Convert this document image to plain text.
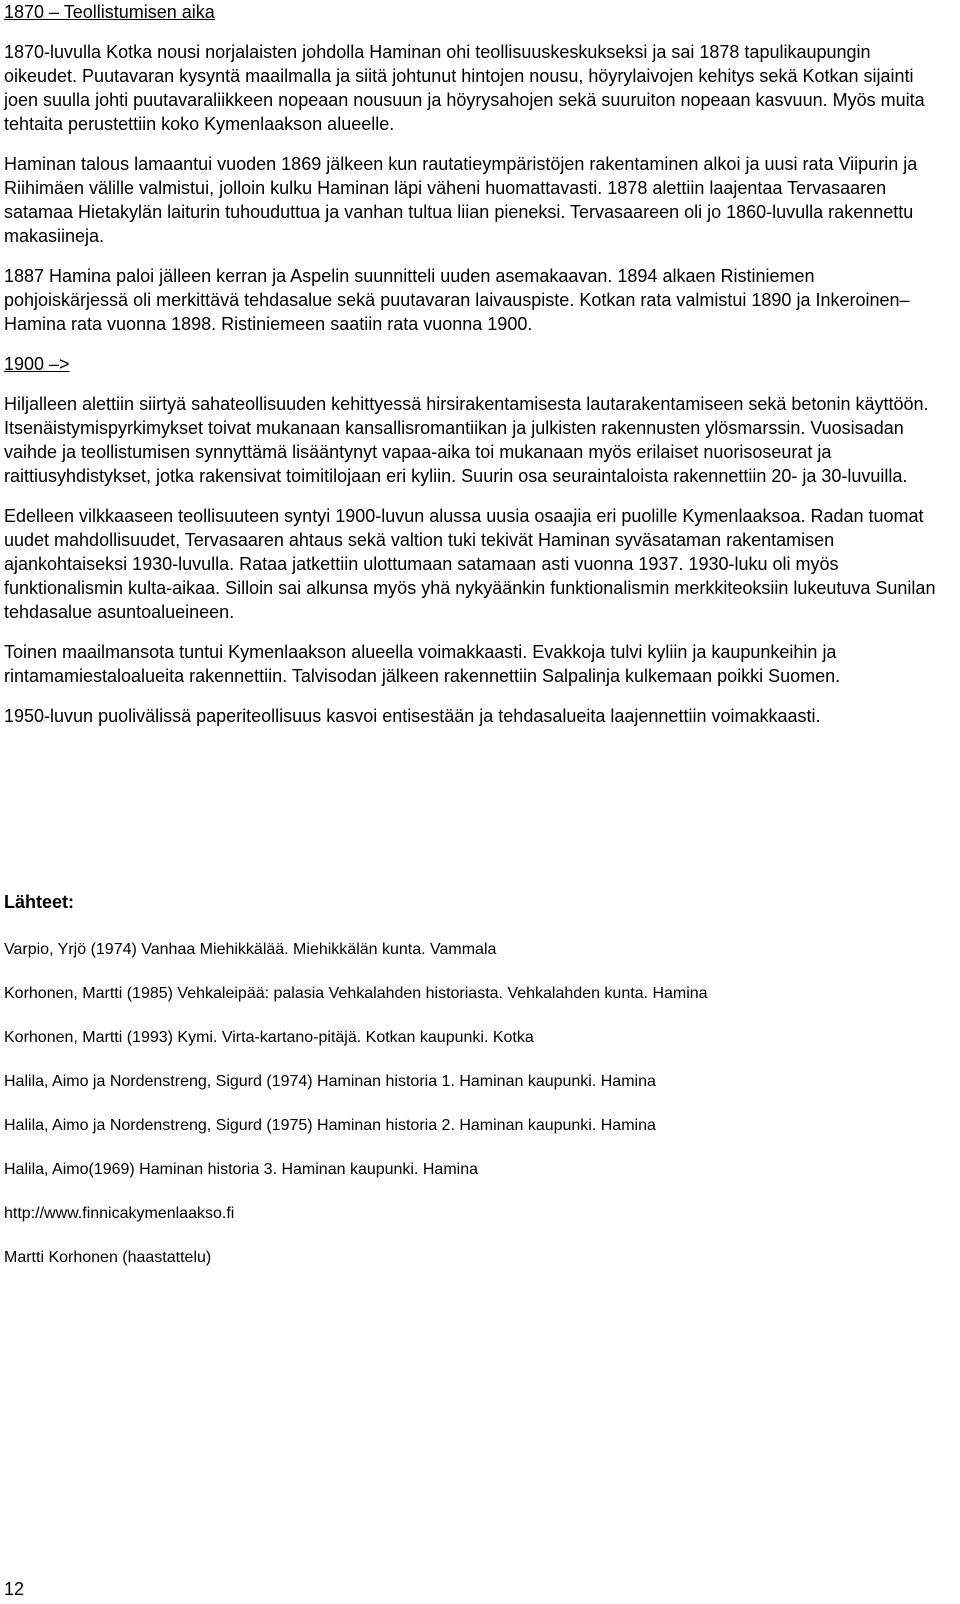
1870 – Teollistumisen aika

1870-luvulla Kotka nousi norjalaisten johdolla Haminan ohi teollisuuskeskukseksi ja sai 1878 tapulikaupungin oikeudet. Puutavaran kysyntä maailmalla ja siitä johtunut hintojen nousu, höyrylaivojen kehitys sekä Kotkan sijainti joen suulla johti puutavaraliikkeen nopeaan nousuun ja höyrysahojen sekä suuruiton nopeaan kasvuun. Myös muita tehtaita perustettiin koko Kymenlaakson alueelle.

Haminan talous lamaantui vuoden 1869 jälkeen kun rautatieympäristöjen rakentaminen alkoi ja uusi rata Viipurin ja Riihimäen välille valmistui, jolloin kulku Haminan läpi väheni huomattavasti. 1878 alettiin laajentaa Tervasaaren satamaa Hietakylän laiturin tuhouduttua ja vanhan tultua liian pieneksi. Tervasaareen oli jo 1860-luvulla rakennettu makasiineja.

1887 Hamina paloi jälleen kerran ja Aspelin suunnitteli uuden asemakaavan. 1894 alkaen Ristiniemen pohjoiskärjessä oli merkittävä tehdasalue sekä puutavaran laivauspiste. Kotkan rata valmistui 1890 ja Inkeroinen–Hamina rata vuonna 1898. Ristiniemeen saatiin rata vuonna 1900.

1900 –>

Hiljalleen alettiin siirtyä sahateollisuuden kehittyessä hirsirakentamisesta lautarakentamiseen sekä betonin käyttöön. Itsenäistymispyrkimykset toivat mukanaan kansallisromantiikan ja julkisten rakennusten ylösmarssin. Vuosisadan vaihde ja teollistumisen synnyttämä lisääntynyt vapaa-aika toi mukanaan myös erilaiset nuorisoseurat ja raittiusyhdistykset, jotka rakensivat toimitilojaan eri kyliin. Suurin osa seuraintaloista rakennettiin 20- ja 30-luvuilla.

Edelleen vilkkaaseen teollisuuteen syntyi 1900-luvun alussa uusia osaajia eri puolille Kymenlaaksoa. Radan tuomat uudet mahdollisuudet, Tervasaaren ahtaus sekä valtion tuki tekivät Haminan syväsataman rakentamisen ajankohtaiseksi 1930-luvulla. Rataa jatkettiin ulottumaan satamaan asti vuonna 1937. 1930-luku oli myös funktionalismin kulta-aikaa. Silloin sai alkunsa myös yhä nykyäänkin funktionalismin merkkiteoksiin lukeutuva Sunilan tehdasalue asuntoalueineen.

Toinen maailmansota tuntui Kymenlaakson alueella voimakkaasti. Evakkoja tulvi kyliin ja kaupunkeihin ja rintamamiestaloalueita rakennettiin. Talvisodan jälkeen rakennettiin Salpalinja kulkemaan poikki Suomen.

1950-luvun puolivälissä paperiteollisuus kasvoi entisestään ja tehdasalueita laajennettiin voimakkaasti.

Lähteet:

Varpio, Yrjö (1974) Vanhaa Miehikkälää. Miehikkälän kunta. Vammala

Korhonen, Martti (1985) Vehkaleipää: palasia Vehkalahden historiasta. Vehkalahden kunta. Hamina

Korhonen, Martti (1993) Kymi. Virta-kartano-pitäjä. Kotkan kaupunki. Kotka

Halila, Aimo ja Nordenstreng, Sigurd (1974) Haminan historia 1. Haminan kaupunki. Hamina

Halila, Aimo ja Nordenstreng, Sigurd (1975) Haminan historia 2. Haminan kaupunki. Hamina

Halila, Aimo(1969) Haminan historia 3. Haminan kaupunki. Hamina

http://www.finnicakymenlaakso.fi

Martti Korhonen (haastattelu)

12
